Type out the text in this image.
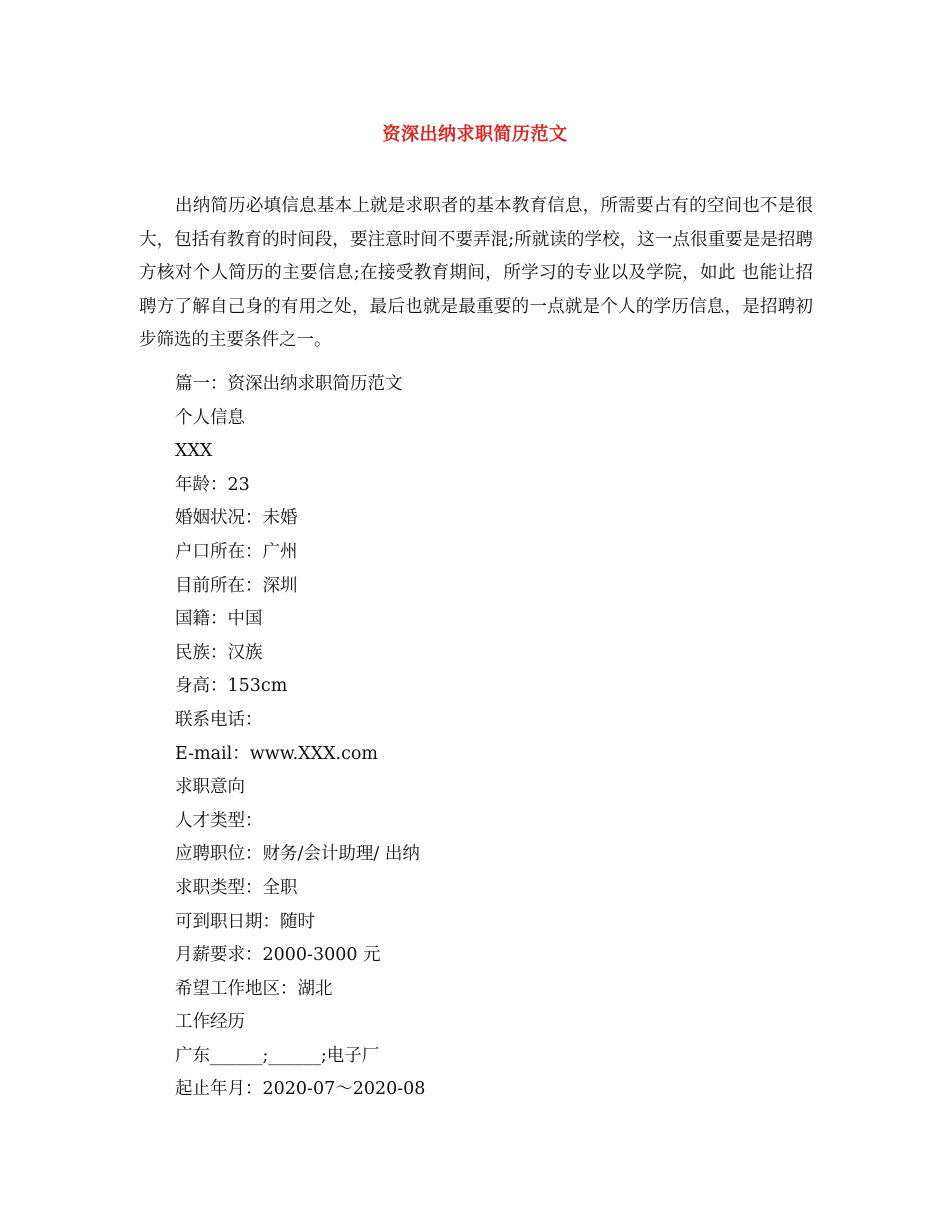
资深出纳求职简历范文

出纳简历必填信息基本上就是求职者的基本教育信息，所需要占有的空间也不是很 大，包括有教育的时间段，要注意时间不要弄混;所就读的学校，这一点很重要是是招聘方核对个人简历的主要信息;在接受教育期间，所学习的专业以及学院，如此 也能让招聘方了解自己身的有用之处，最后也就是最重要的一点就是个人的学历信息，是招聘初步筛选的主要条件之一。

篇一：资深出纳求职简历范文
个人信息
XXX
年龄：23
婚姻状况：未婚
户口所在：广州
目前所在：深圳
国籍：中国
民族：汉族
身高：153cm
联系电话：
E-mail：www.XXX.com
求职意向
人才类型：
应聘职位：财务/会计助理/ 出纳
求职类型：全职
可到职日期：随时
月薪要求：2000-3000 元
希望工作地区：湖北
工作经历
广东______;______;电子厂
起止年月：2020-07～2020-08
